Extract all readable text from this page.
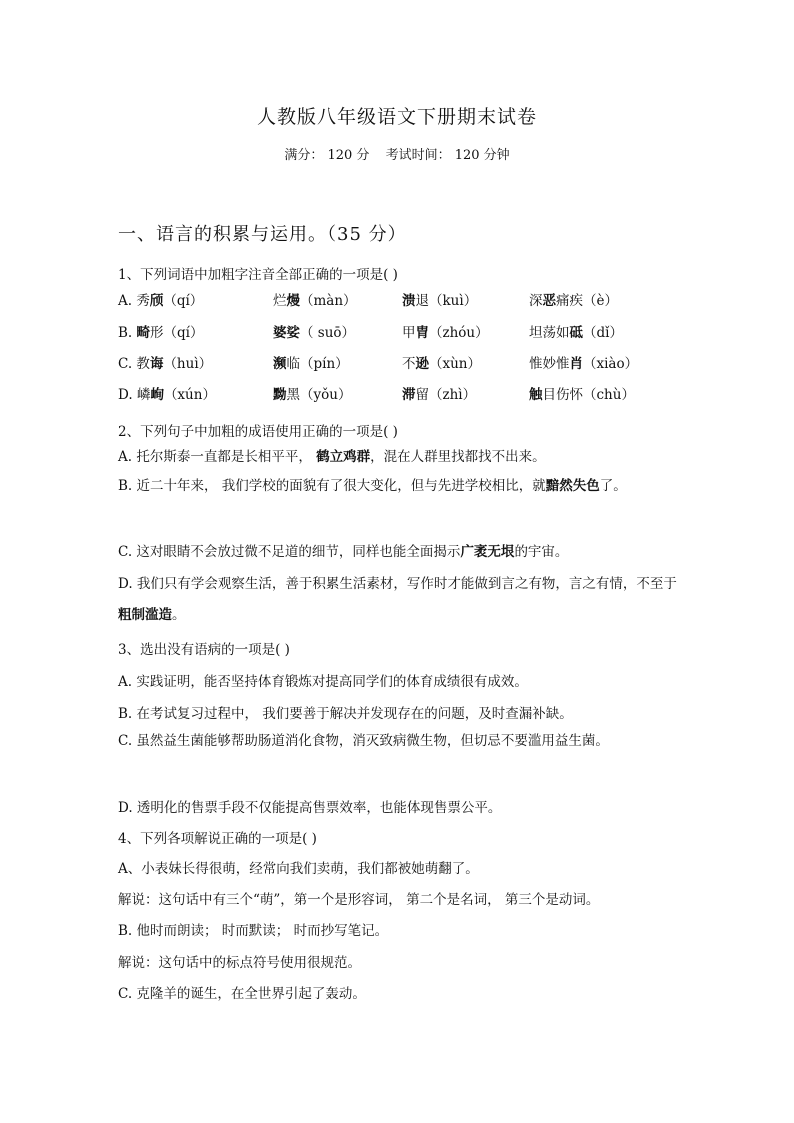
人教版八年级语文下册期末试卷
满分： 120 分 考试时间： 120 分钟
一、语言的积累与运用。（35 分）
1、下列词语中加粗字注音全部正确的一项是( )
A. 秀颀（qí）	烂熳（màn）	溃退（kuì）	深恶痛疾（è）
B. 畸形（qí）	婆娑（ suō）	甲胄（zhóu）	坦荡如砥（dǐ）
C. 教诲（huì）	濒临（pín）	不逊（xùn）	惟妙惟肖（xiào）
D. 嶙峋（xún）	黝黑（yǒu）	滞留（zhì）	触目伤怀（chù）
2、下列句子中加粗的成语使用正确的一项是( )
A. 托尔斯泰一直都是长相平平， 鹤立鸡群，混在人群里找都找不出来。
B. 近二十年来， 我们学校的面貌有了很大变化，但与先进学校相比，就黯然失色了。
C. 这对眼睛不会放过微不足道的细节，同样也能全面揭示广袤无垠的宇宙。
D. 我们只有学会观察生活，善于积累生活素材，写作时才能做到言之有物，言之有情，不至于粗制滥造。
3、选出没有语病的一项是( )
A. 实践证明，能否坚持体育锻炼对提高同学们的体育成绩很有成效。
B. 在考试复习过程中， 我们要善于解决并发现存在的问题，及时查漏补缺。
C. 虽然益生菌能够帮助肠道消化食物，消灭致病微生物，但切忌不要滥用益生菌。
D. 透明化的售票手段不仅能提高售票效率，也能体现售票公平。
4、下列各项解说正确的一项是( )
A、小表妹长得很萌，经常向我们卖萌，我们都被她萌翻了。
解说：这句话中有三个“萌”，第一个是形容词， 第二个是名词， 第三个是动词。
B. 他时而朗读； 时而默读； 时而抄写笔记。
解说：这句话中的标点符号使用很规范。
C. 克隆羊的诞生，在全世界引起了轰动。
